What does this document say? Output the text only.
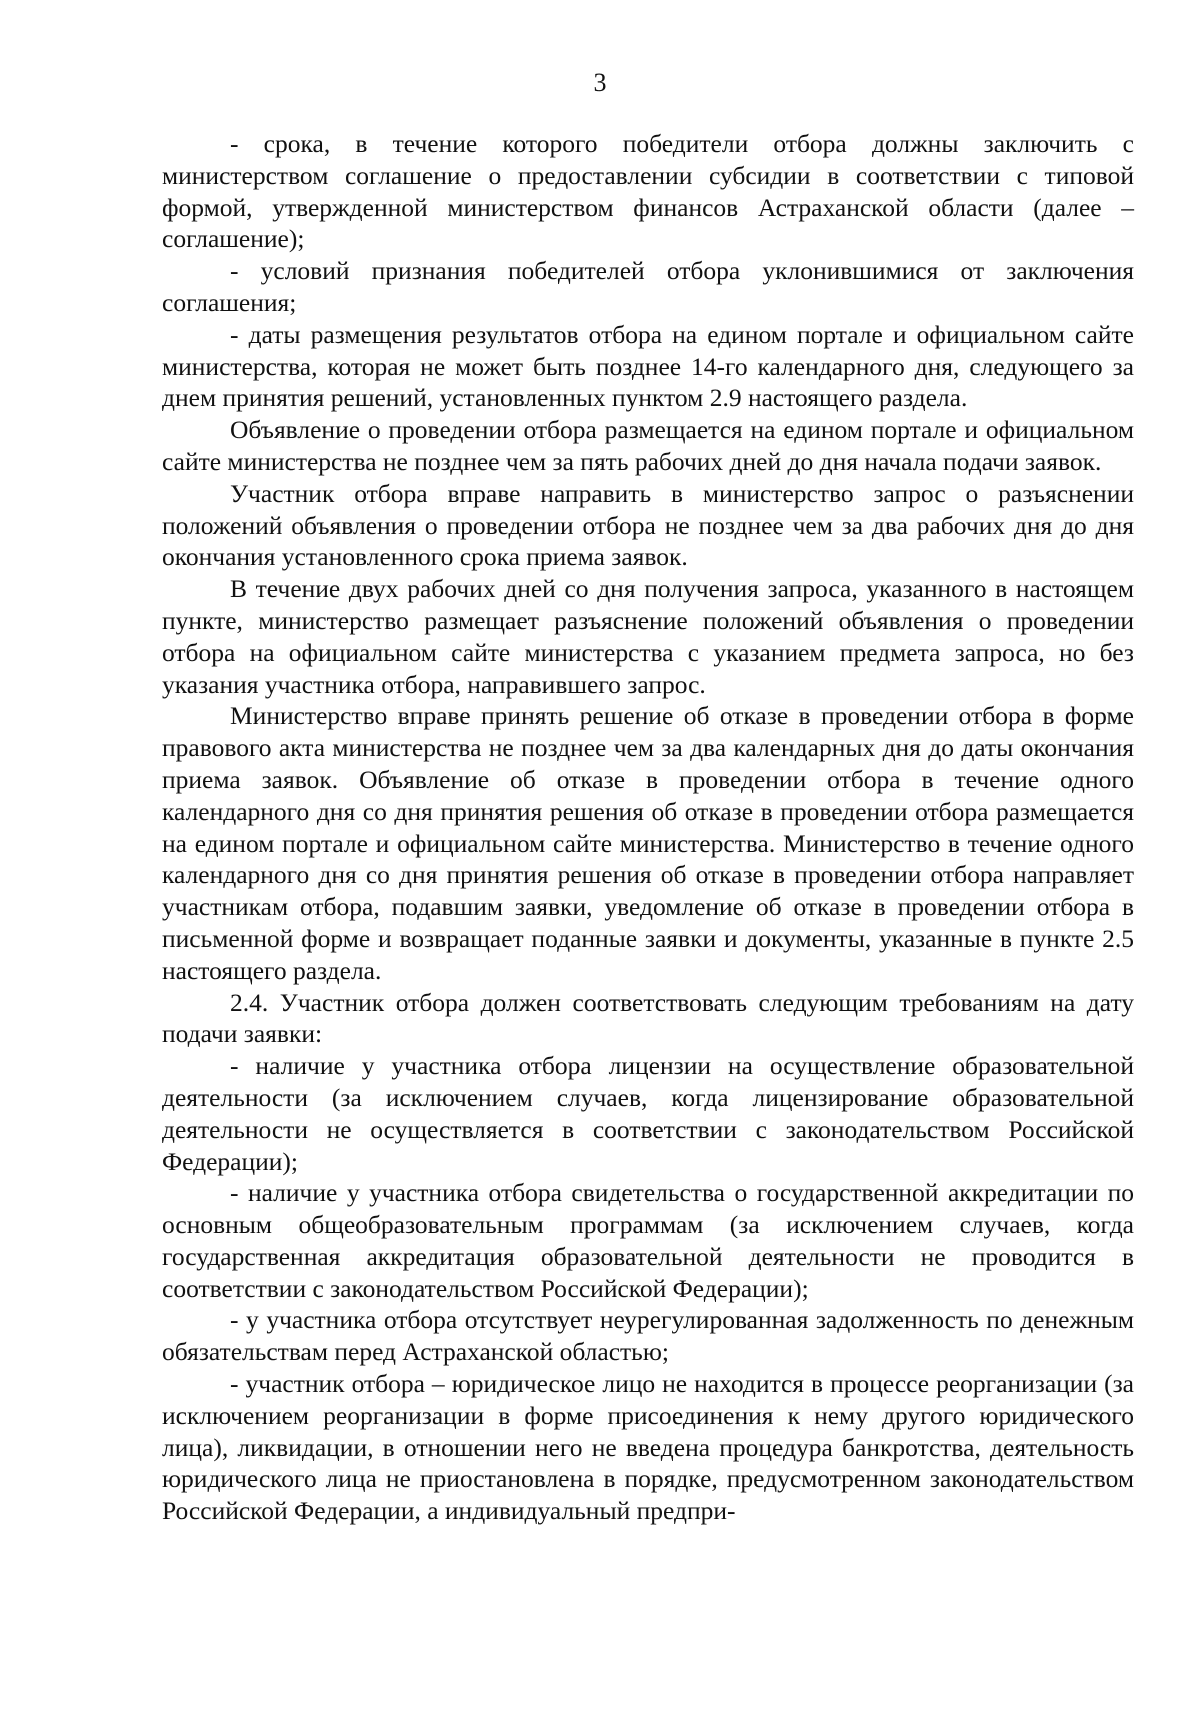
3

- срока, в течение которого победители отбора должны заключить с министерством соглашение о предоставлении субсидии в соответствии с типовой формой, утвержденной министерством финансов Астраханской области (далее – соглашение);

- условий признания победителей отбора уклонившимися от заключения соглашения;

- даты размещения результатов отбора на едином портале и официальном сайте министерства, которая не может быть позднее 14-го календарного дня, следующего за днем принятия решений, установленных пунктом 2.9 настоящего раздела.

Объявление о проведении отбора размещается на едином портале и официальном сайте министерства не позднее чем за пять рабочих дней до дня начала подачи заявок.

Участник отбора вправе направить в министерство запрос о разъяснении положений объявления о проведении отбора не позднее чем за два рабочих дня до дня окончания установленного срока приема заявок.

В течение двух рабочих дней со дня получения запроса, указанного в настоящем пункте, министерство размещает разъяснение положений объявления о проведении отбора на официальном сайте министерства с указанием предмета запроса, но без указания участника отбора, направившего запрос.

Министерство вправе принять решение об отказе в проведении отбора в форме правового акта министерства не позднее чем за два календарных дня до даты окончания приема заявок. Объявление об отказе в проведении отбора в течение одного календарного дня со дня принятия решения об отказе в проведении отбора размещается на едином портале и официальном сайте министерства. Министерство в течение одного календарного дня со дня принятия решения об отказе в проведении отбора направляет участникам отбора, подавшим заявки, уведомление об отказе в проведении отбора в письменной форме и возвращает поданные заявки и документы, указанные в пункте 2.5 настоящего раздела.

2.4. Участник отбора должен соответствовать следующим требованиям на дату подачи заявки:

- наличие у участника отбора лицензии на осуществление образовательной деятельности (за исключением случаев, когда лицензирование образовательной деятельности не осуществляется в соответствии с законодательством Российской Федерации);

- наличие у участника отбора свидетельства о государственной аккредитации по основным общеобразовательным программам (за исключением случаев, когда государственная аккредитация образовательной деятельности не проводится в соответствии с законодательством Российской Федерации);

- у участника отбора отсутствует неурегулированная задолженность по денежным обязательствам перед Астраханской областью;

- участник отбора – юридическое лицо не находится в процессе реорганизации (за исключением реорганизации в форме присоединения к нему другого юридического лица), ликвидации, в отношении него не введена процедура банкротства, деятельность юридического лица не приостановлена в порядке, предусмотренном законодательством Российской Федерации, а индивидуальный предпри-
